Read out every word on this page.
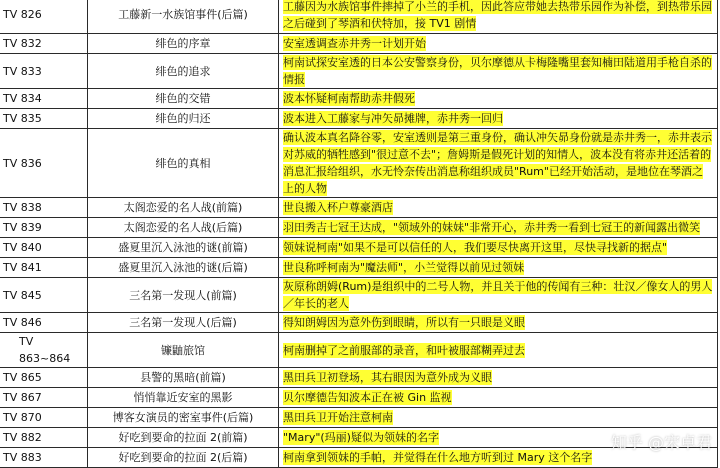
TV 826	工藤新一水族馆事件(后篇)	工藤因为水族馆事件摔掉了小兰的手机，因此答应带她去热带乐园作为补偿，到热带乐园之后碰到了琴酒和伏特加，接 TV1 剧情
TV 832	绯色的序章	安室透调查赤井秀一计划开始
TV 833	绯色的追求	柯南试探安室透的日本公安警察身份，贝尔摩德从卡梅隆嘴里套知楠田陆道用手枪自杀的情报
TV 834	绯色的交错	波本怀疑柯南帮助赤井假死
TV 835	绯色的归还	波本进入工藤家与冲矢昴摊牌，赤井秀一回归
TV 836	绯色的真相	确认波本真名降谷零，安室透则是第三重身份，确认冲矢昴身份就是赤井秀一，赤井表示对苏威的牺牲感到"很过意不去"；詹姆斯是假死计划的知情人，波本没有将赤井还活着的消息汇报给组织，水无怜奈传出消息称组织成员"Rum"已经开始活动，是地位在琴酒之上的人物
TV 838	太阁恋爱的名人战(前篇)	世良搬入杯户尊豪酒店
TV 839	太阁恋爱的名人战(后篇)	羽田秀吉七冠王达成，"领域外的妹妹"非常开心，赤井秀一看到七冠王的新闻露出微笑
TV 840	盛夏里沉入泳池的谜(前篇)	领妹说柯南"如果不是可以信任的人，我们要尽快离开这里，尽快寻找新的据点"
TV 841	盛夏里沉入泳池的谜(后篇)	世良称呼柯南为"魔法师"，小兰觉得以前见过领妹
TV 845	三名第一发现人(前篇)	灰原称朗姆(Rum)是组织中的二号人物，并且关于他的传闻有三种：壮汉／像女人的男人／年长的老人
TV 846	三名第一发现人(后篇)	得知朗姆因为意外伤到眼睛，所以有一只眼是义眼
TV 863~864	镰鼬旅馆	柯南删掉了之前服部的录音，和叶被服部糊弄过去
TV 865	县警的黑暗(前篇)	黑田兵卫初登场，其右眼因为意外成为义眼
TV 867	悄悄靠近安室的黑影	贝尔摩德告知波本正在被 Gin 监视
TV 870	博客女演员的密室事件(后篇)	黑田兵卫开始注意柯南
TV 882	好吃到要命的拉面 2(前篇)	"Mary"(玛丽)疑似为领妹的名字
TV 883	好吃到要命的拉面 2(后篇)	柯南拿到领妹的手帕，并觉得在什么地方听到过 Mary 这个名字
知乎 @宋卓君
